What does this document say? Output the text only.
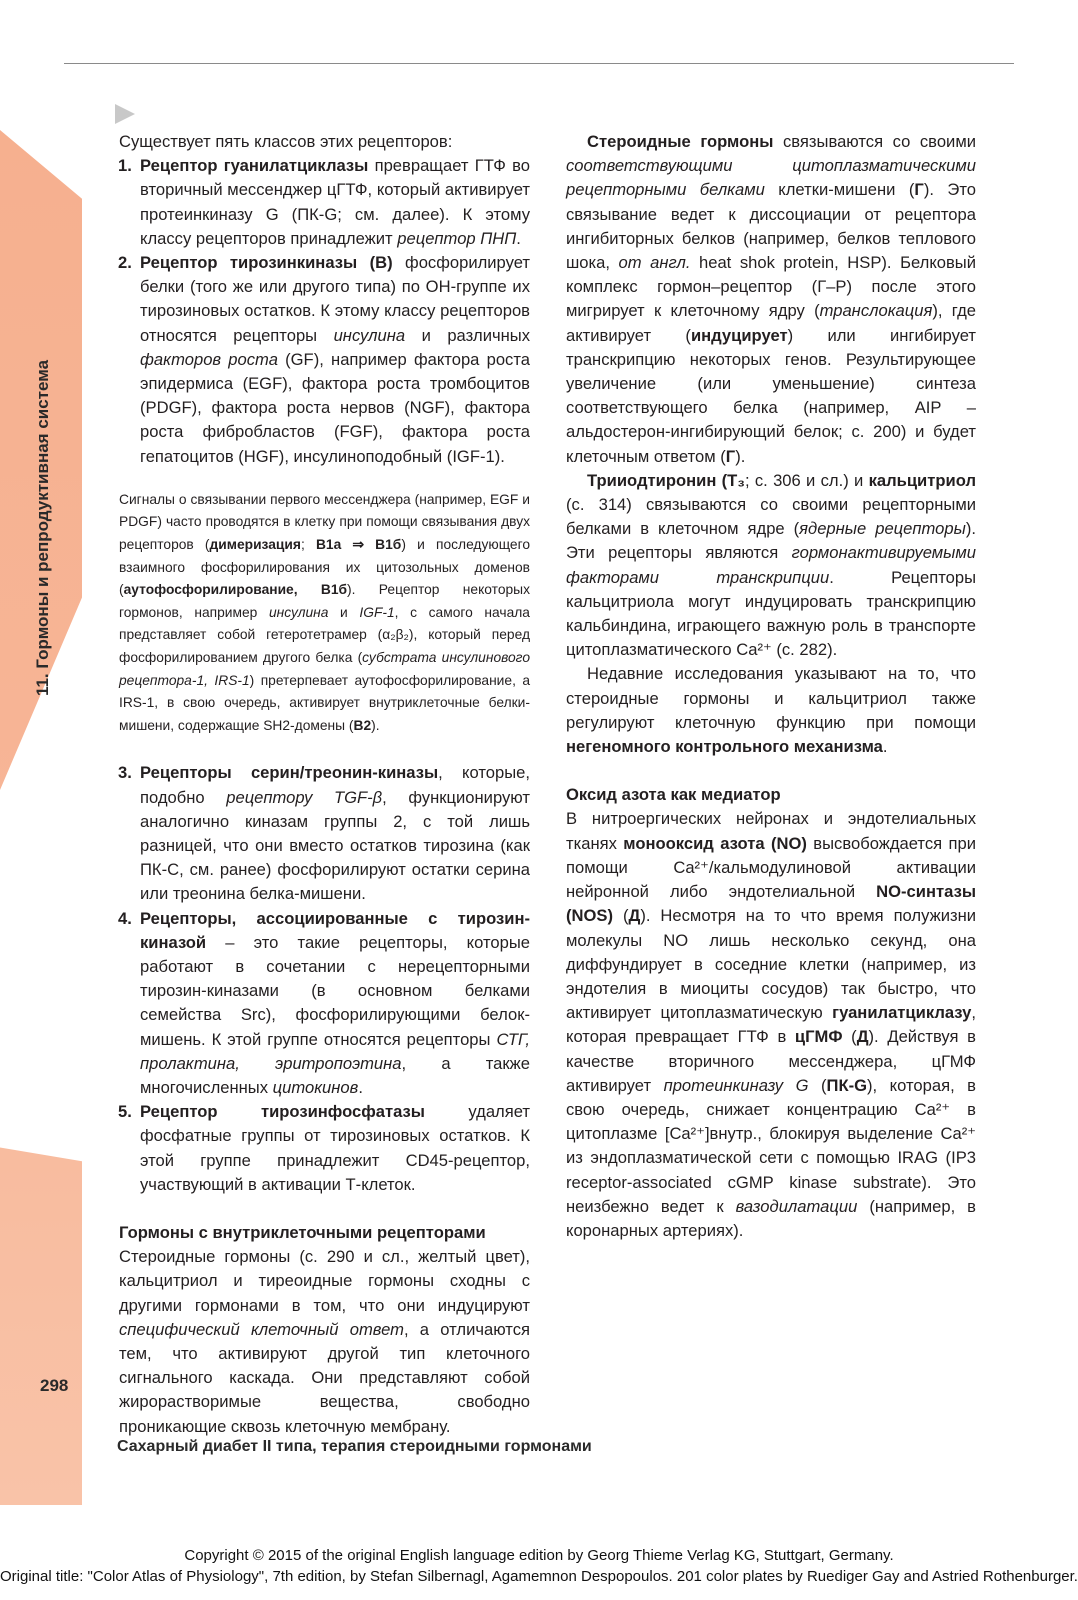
11. Гормоны и репродуктивная система
298

Существует пять классов этих рецепторов:

1. Рецептор гуанилатциклазы превращает ГТФ во вторичный мессенджер цГТФ, который активирует протеинкиназу G (ПК-G; см. далее). К этому классу рецепторов принадлежит рецептор ПНП.
2. Рецептор тирозинкиназы (B) фосфорилирует белки (того же или другого типа) по ОН-группе их тирозиновых остатков. К этому классу рецепторов относятся рецепторы инсулина и различных факторов роста (GF), например фактора роста эпидермиса (EGF), фактора роста тромбоцитов (PDGF), фактора роста нервов (NGF), фактора роста фибробластов (FGF), фактора роста гепатоцитов (HGF), инсулиноподобный (IGF-1).

Сигналы о связывании первого мессенджера (например, EGF и PDGF) часто проводятся в клетку при помощи связывания двух рецепторов (димеризация; B1a ⇒ B1б) и последующего взаимного фосфорилирования их цитозольных доменов (аутофосфорилирование, B1б). Рецептор некоторых гормонов, например инсулина и IGF-1, с самого начала представляет собой гетеротетрамер (α₂β₂), который перед фосфорилированием другого белка (субстрата инсулинового рецептора-1, IRS-1) претерпевает аутофосфорилирование, а IRS-1, в свою очередь, активирует внутриклеточные белки-мишени, содержащие SH2-домены (B2).

3. Рецепторы серин/треонин-киназы, которые, подобно рецептору TGF-β, функционируют аналогично киназам группы 2, с той лишь разницей, что они вместо остатков тирозина (как ПК-С, см. ранее) фосфорилируют остатки серина или треонина белка-мишени.
4. Рецепторы, ассоциированные с тирозин-киназой – это такие рецепторы, которые работают в сочетании с нерецепторными тирозин-киназами (в основном белками семейства Src), фосфорилирующими белок-мишень. К этой группе относятся рецепторы СТГ, пролактина, эритропоэтина, а также многочисленных цитокинов.
5. Рецептор тирозинфосфатазы удаляет фосфатные группы от тирозиновых остатков. К этой группе принадлежит CD45-рецептор, участвующий в активации Т-клеток.

Гормоны с внутриклеточными рецепторами

Стероидные гормоны (с. 290 и сл., желтый цвет), кальцитриол и тиреоидные гормоны сходны с другими гормонами в том, что они индуцируют специфический клеточный ответ, а отличаются тем, что активируют другой тип клеточного сигнального каскада. Они представляют собой жирорастворимые вещества, свободно проникающие сквозь клеточную мембрану.

Стероидные гормоны связываются со своими соответствующими цитоплазматическими рецепторными белками клетки-мишени (Г). Это связывание ведет к диссоциации от рецептора ингибиторных белков (например, белков теплового шока, от англ. heat shok protein, HSP). Белковый комплекс гормон–рецептор (Г–Р) после этого мигрирует к клеточному ядру (транслокация), где активирует (индуцирует) или ингибирует транскрипцию некоторых генов. Результирующее увеличение (или уменьшение) синтеза соответствующего белка (например, AIP – альдостерон-ингибирующий белок; с. 200) и будет клеточным ответом (Г).

Трииодтиронин (T₃; с. 306 и сл.) и кальцитриол (с. 314) связываются со своими рецепторными белками в клеточном ядре (ядерные рецепторы). Эти рецепторы являются гормонактивируемыми факторами транскрипции. Рецепторы кальцитриола могут индуцировать транскрипцию кальбиндина, играющего важную роль в транспорте цитоплазматического Ca²⁺ (с. 282).

Недавние исследования указывают на то, что стероидные гормоны и кальцитриол также регулируют клеточную функцию при помощи негеномного контрольного механизма.

Оксид азота как медиатор

В нитроергических нейронах и эндотелиальных тканях монооксид азота (NO) высвобождается при помощи Ca²⁺/кальмодулиновой активации нейронной либо эндотелиальной NO-синтазы (NOS) (Д). Несмотря на то что время полужизни молекулы NO лишь несколько секунд, она диффундирует в соседние клетки (например, из эндотелия в миоциты сосудов) так быстро, что активирует цитоплазматическую гуанилатциклазу, которая превращает ГТФ в цГМФ (Д). Действуя в качестве вторичного мессенджера, цГМФ активирует протеинкиназу G (ПК-G), которая, в свою очередь, снижает концентрацию Ca²⁺ в цитоплазме [Ca²⁺]внутр., блокируя выделение Ca²⁺ из эндоплазматической сети с помощью IRAG (IP3 receptor-associated cGMP kinase substrate). Это неизбежно ведет к вазодилатации (например, в коронарных артериях).

Сахарный диабет II типа, терапия стероидными гормонами
Copyright © 2015 of the original English language edition by Georg Thieme Verlag KG, Stuttgart, Germany.
Original title: "Color Atlas of Physiology", 7th edition, by Stefan Silbernagl, Agamemnon Despopoulos. 201 color plates by Ruediger Gay and Astried Rothenburger.
